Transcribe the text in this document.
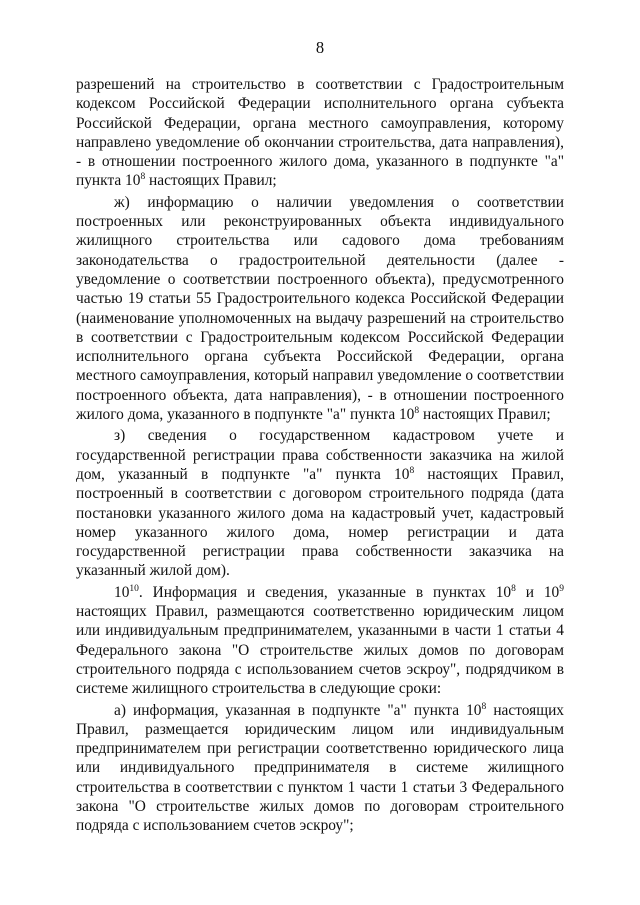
8

разрешений на строительство в соответствии с Градостроительным кодексом Российской Федерации исполнительного органа субъекта Российской Федерации, органа местного самоуправления, которому направлено уведомление об окончании строительства, дата направления), - в отношении построенного жилого дома, указанного в подпункте "а" пункта $10^8$ настоящих Правил;

ж) информацию о наличии уведомления о соответствии построенных или реконструированных объекта индивидуального жилищного строительства или садового дома требованиям законодательства о градостроительной деятельности (далее - уведомление о соответствии построенного объекта), предусмотренного частью 19 статьи 55 Градостроительного кодекса Российской Федерации (наименование уполномоченных на выдачу разрешений на строительство в соответствии с Градостроительным кодексом Российской Федерации исполнительного органа субъекта Российской Федерации, органа местного самоуправления, который направил уведомление о соответствии построенного объекта, дата направления), - в отношении построенного жилого дома, указанного в подпункте "а" пункта $10^8$ настоящих Правил;

з) сведения о государственном кадастровом учете и государственной регистрации права собственности заказчика на жилой дом, указанный в подпункте "а" пункта $10^8$ настоящих Правил, построенный в соответствии с договором строительного подряда (дата постановки указанного жилого дома на кадастровый учет, кадастровый номер указанного жилого дома, номер регистрации и дата государственной регистрации права собственности заказчика на указанный жилой дом).

$10^{10}$. Информация и сведения, указанные в пунктах $10^8$ и $10^9$ настоящих Правил, размещаются соответственно юридическим лицом или индивидуальным предпринимателем, указанными в части 1 статьи 4 Федерального закона "О строительстве жилых домов по договорам строительного подряда с использованием счетов эскроу", подрядчиком в системе жилищного строительства в следующие сроки:

а) информация, указанная в подпункте "а" пункта $10^8$ настоящих Правил, размещается юридическим лицом или индивидуальным предпринимателем при регистрации соответственно юридического лица или индивидуального предпринимателя в системе жилищного строительства в соответствии с пунктом 1 части 1 статьи 3 Федерального закона "О строительстве жилых домов по договорам строительного подряда с использованием счетов эскроу";
